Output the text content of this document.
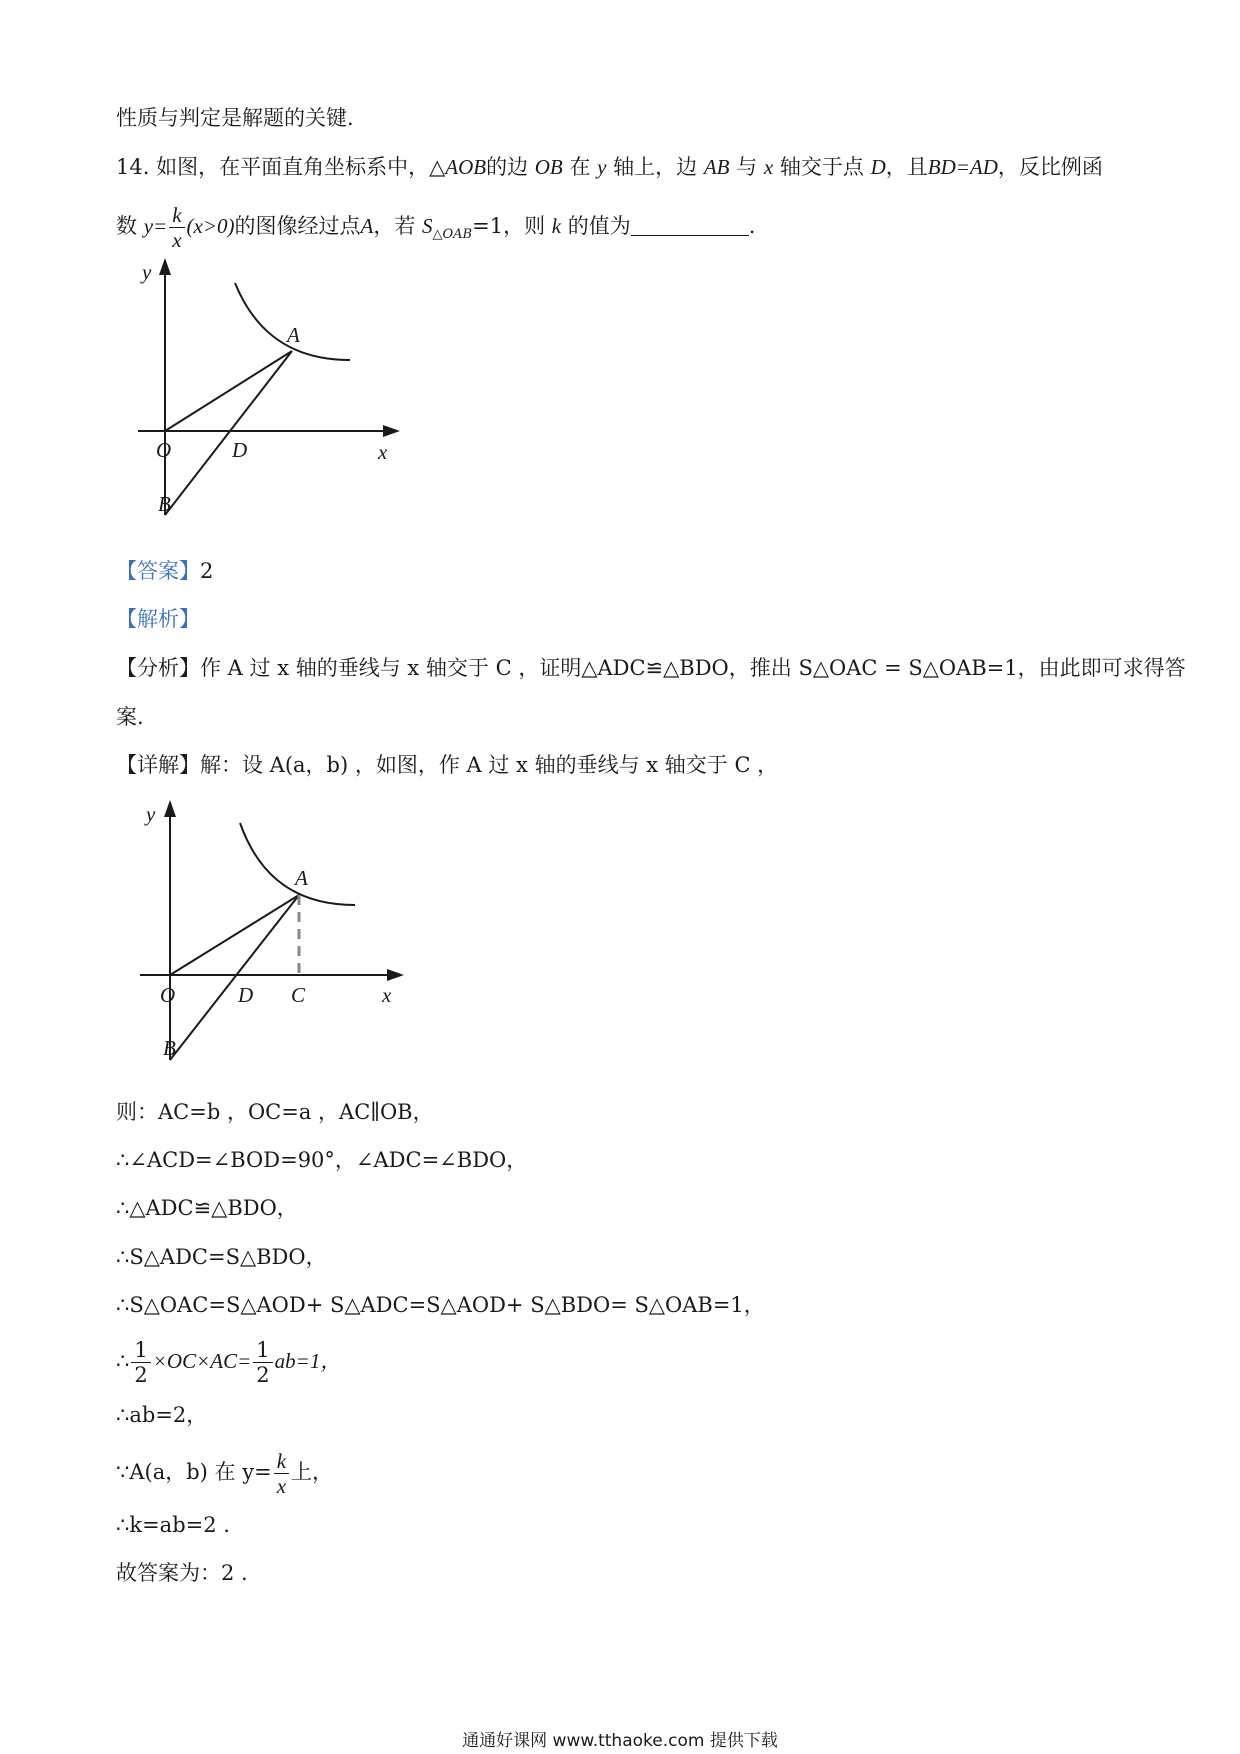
性质与判定是解题的关键.
14. 如图，在平面直角坐标系中，△AOB的边 OB 在 y 轴上，边 AB 与 x 轴交于点 D，且BD=AD，反比例函
数 $y= \frac{k}{x} (x>0)$的图像经过点A，若 $S_{\triangle OAB}=1$，则 k 的值为	.
y
x
O	D
B
A
【答案】2
【解析】
【分析】作 A 过 x 轴的垂线与 x 轴交于 C ，证明△ADC≌△BDO，推出 S△OAC = S△OAB=1，由此即可求得答
案.
【详解】解：设 A(a，b) ，如图，作 A 过 x 轴的垂线与 x 轴交于 C ，
y
x
O	D C
B
A
则：AC=b ，OC=a ，AC∥OB，
∴∠ACD=∠BOD=90°，∠ADC=∠BDO，
∴△ADC≌△BDO，
∴S△ADC=S△BDO，
∴S△OAC=S△AOD+ S△ADC=S△AOD+ S△BDO= S△OAB=1，
∴ $\frac{1}{2} \times OC\times AC= \frac{1}{2} ab=1$，
∴ab=2，
∵A(a，b) 在 $y= \frac{k}{x}$ 上，
∴k=ab=2 .
故答案为：2 .
通通好课网 www.tthaoke.com 提供下载
